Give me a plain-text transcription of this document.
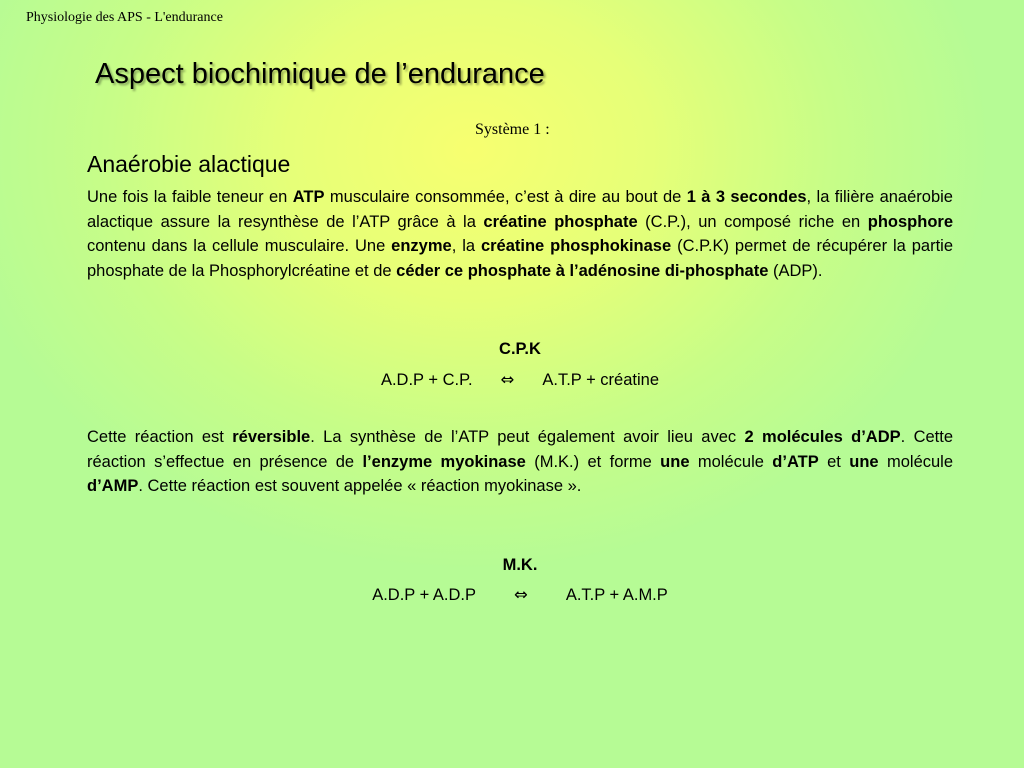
Physiologie des APS - L'endurance
Aspect biochimique de l’endurance
Système 1 :
Anaérobie alactique

Une fois la faible teneur en ATP musculaire consommée, c’est à dire au bout de 1 à 3 secondes, la filière anaérobie alactique assure la resynthèse de l’ATP grâce à la créatine phosphate (C.P.), un composé riche en phosphore contenu dans la cellule musculaire. Une enzyme, la créatine phosphokinase (C.P.K) permet de récupérer la partie phosphate de la Phosphorylcréatine et de céder ce phosphate à l’adénosine di-phosphate (ADP).

C.P.K
A.D.P + C.P. ⇔ A.T.P + créatine

Cette réaction est réversible. La synthèse de l’ATP peut également avoir lieu avec 2 molécules d’ADP. Cette réaction s’effectue en présence de l’enzyme myokinase (M.K.) et forme une molécule d’ATP et une molécule d’AMP. Cette réaction est souvent appelée « réaction myokinase ».

M.K.
A.D.P + A.D.P ⇔ A.T.P + A.M.P
